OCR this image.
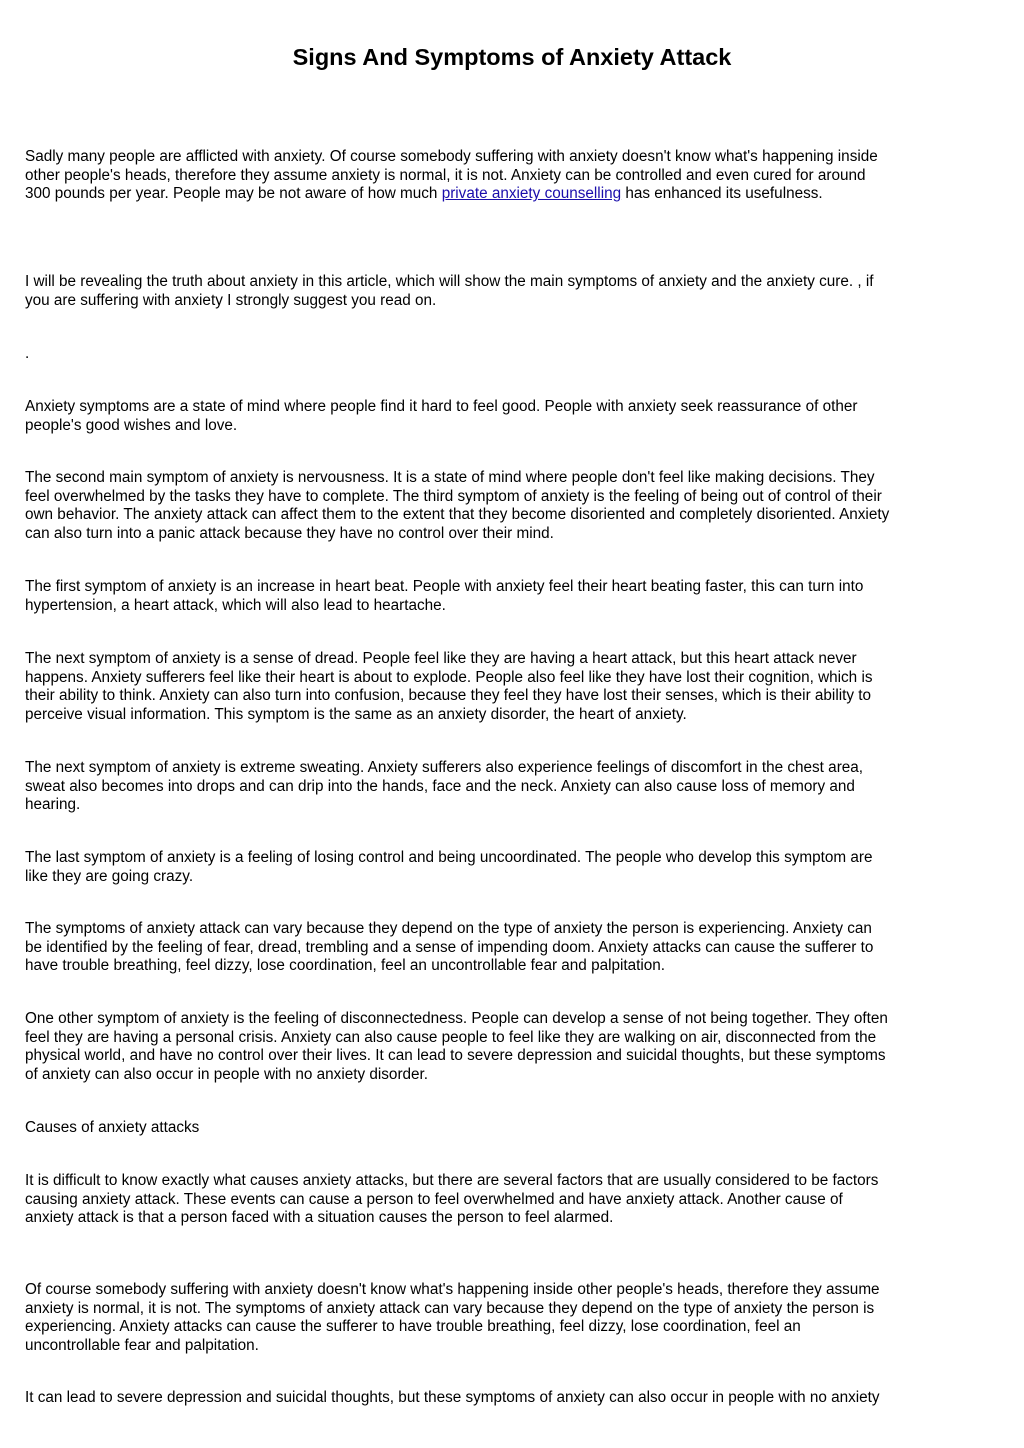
Signs And Symptoms of Anxiety Attack

Sadly many people are afflicted with anxiety. Of course somebody suffering with anxiety doesn't know what's happening inside
other people's heads, therefore they assume anxiety is normal, it is not. Anxiety can be controlled and even cured for around
300 pounds per year. People may be not aware of how much private anxiety counselling has enhanced its usefulness.

I will be revealing the truth about anxiety in this article, which will show the main symptoms of anxiety and the anxiety cure. , if
you are suffering with anxiety I strongly suggest you read on.

.

Anxiety symptoms are a state of mind where people find it hard to feel good. People with anxiety seek reassurance of other
people's good wishes and love.

The second main symptom of anxiety is nervousness. It is a state of mind where people don't feel like making decisions. They
feel overwhelmed by the tasks they have to complete. The third symptom of anxiety is the feeling of being out of control of their
own behavior. The anxiety attack can affect them to the extent that they become disoriented and completely disoriented. Anxiety
can also turn into a panic attack because they have no control over their mind.

The first symptom of anxiety is an increase in heart beat. People with anxiety feel their heart beating faster, this can turn into
hypertension, a heart attack, which will also lead to heartache.

The next symptom of anxiety is a sense of dread. People feel like they are having a heart attack, but this heart attack never
happens. Anxiety sufferers feel like their heart is about to explode. People also feel like they have lost their cognition, which is
their ability to think. Anxiety can also turn into confusion, because they feel they have lost their senses, which is their ability to
perceive visual information. This symptom is the same as an anxiety disorder, the heart of anxiety.

The next symptom of anxiety is extreme sweating. Anxiety sufferers also experience feelings of discomfort in the chest area,
sweat also becomes into drops and can drip into the hands, face and the neck. Anxiety can also cause loss of memory and
hearing.

The last symptom of anxiety is a feeling of losing control and being uncoordinated. The people who develop this symptom are
like they are going crazy.

The symptoms of anxiety attack can vary because they depend on the type of anxiety the person is experiencing. Anxiety can
be identified by the feeling of fear, dread, trembling and a sense of impending doom. Anxiety attacks can cause the sufferer to
have trouble breathing, feel dizzy, lose coordination, feel an uncontrollable fear and palpitation.

One other symptom of anxiety is the feeling of disconnectedness. People can develop a sense of not being together. They often
feel they are having a personal crisis. Anxiety can also cause people to feel like they are walking on air, disconnected from the
physical world, and have no control over their lives. It can lead to severe depression and suicidal thoughts, but these symptoms
of anxiety can also occur in people with no anxiety disorder.

Causes of anxiety attacks

It is difficult to know exactly what causes anxiety attacks, but there are several factors that are usually considered to be factors
causing anxiety attack. These events can cause a person to feel overwhelmed and have anxiety attack. Another cause of
anxiety attack is that a person faced with a situation causes the person to feel alarmed.

Of course somebody suffering with anxiety doesn't know what's happening inside other people's heads, therefore they assume
anxiety is normal, it is not. The symptoms of anxiety attack can vary because they depend on the type of anxiety the person is
experiencing. Anxiety attacks can cause the sufferer to have trouble breathing, feel dizzy, lose coordination, feel an
uncontrollable fear and palpitation.

It can lead to severe depression and suicidal thoughts, but these symptoms of anxiety can also occur in people with no anxiety
